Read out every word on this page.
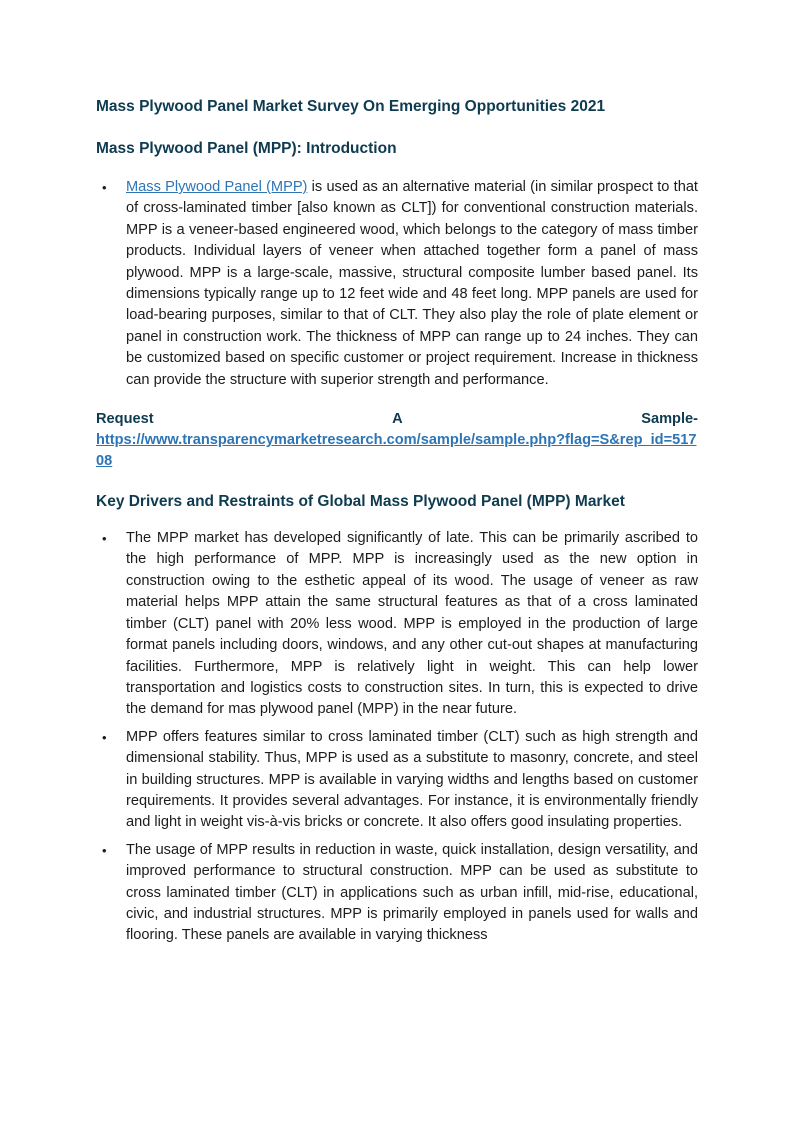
Mass Plywood Panel Market Survey On Emerging Opportunities 2021
Mass Plywood Panel (MPP): Introduction
• Mass Plywood Panel (MPP) is used as an alternative material (in similar prospect to that of cross-laminated timber [also known as CLT]) for conventional construction materials. MPP is a veneer-based engineered wood, which belongs to the category of mass timber products. Individual layers of veneer when attached together form a panel of mass plywood. MPP is a large-scale, massive, structural composite lumber based panel. Its dimensions typically range up to 12 feet wide and 48 feet long. MPP panels are used for load-bearing purposes, similar to that of CLT. They also play the role of plate element or panel in construction work. The thickness of MPP can range up to 24 inches. They can be customized based on specific customer or project requirement. Increase in thickness can provide the structure with superior strength and performance.
Request	A	Sample-
https://www.transparencymarketresearch.com/sample/sample.php?flag=S&rep_id=51708
Key Drivers and Restraints of Global Mass Plywood Panel (MPP) Market
• The MPP market has developed significantly of late. This can be primarily ascribed to the high performance of MPP. MPP is increasingly used as the new option in construction owing to the esthetic appeal of its wood. The usage of veneer as raw material helps MPP attain the same structural features as that of a cross laminated timber (CLT) panel with 20% less wood. MPP is employed in the production of large format panels including doors, windows, and any other cut-out shapes at manufacturing facilities. Furthermore, MPP is relatively light in weight. This can help lower transportation and logistics costs to construction sites. In turn, this is expected to drive the demand for mas plywood panel (MPP) in the near future.
• MPP offers features similar to cross laminated timber (CLT) such as high strength and dimensional stability. Thus, MPP is used as a substitute to masonry, concrete, and steel in building structures. MPP is available in varying widths and lengths based on customer requirements. It provides several advantages. For instance, it is environmentally friendly and light in weight vis-à-vis bricks or concrete. It also offers good insulating properties.
• The usage of MPP results in reduction in waste, quick installation, design versatility, and improved performance to structural construction. MPP can be used as substitute to cross laminated timber (CLT) in applications such as urban infill, mid-rise, educational, civic, and industrial structures. MPP is primarily employed in panels used for walls and flooring. These panels are available in varying thickness
